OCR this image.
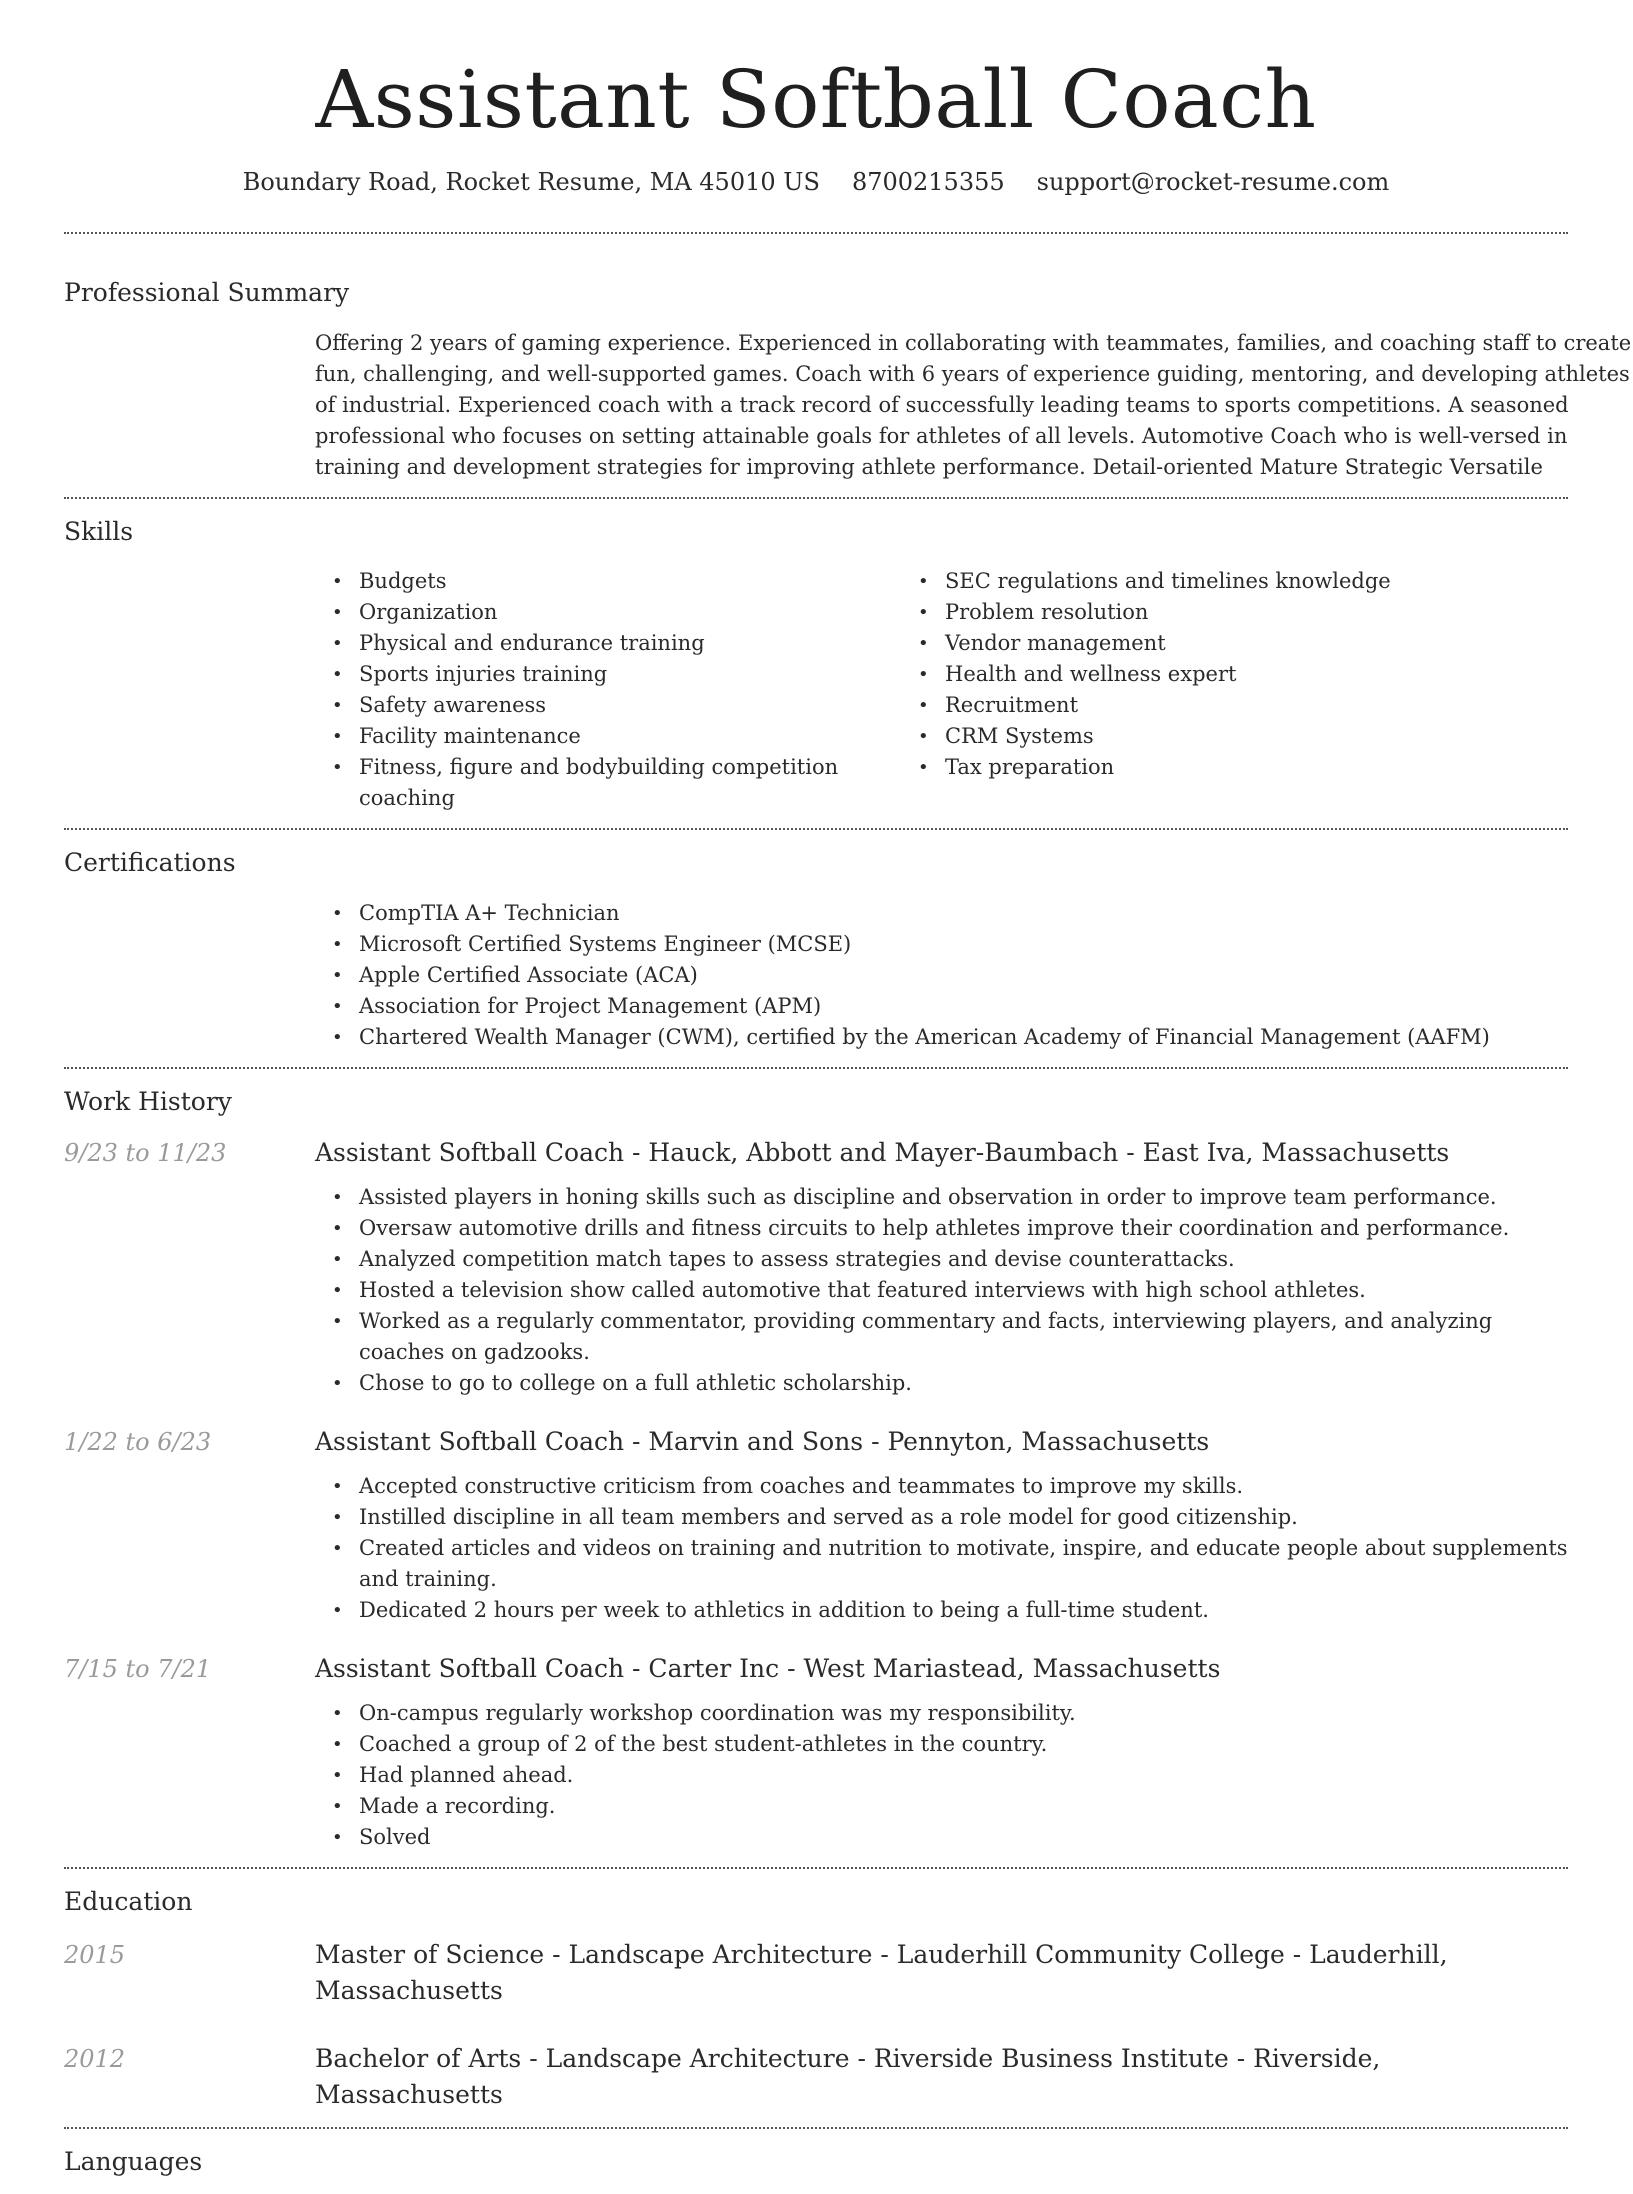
Assistant Softball Coach
Boundary Road, Rocket Resume, MA 45010 US 8700215355 support@rocket-resume.com
Professional Summary

Offering 2 years of gaming experience. Experienced in collaborating with teammates, families, and coaching staff to create fun, challenging, and well-supported games. Coach with 6 years of experience guiding, mentoring, and developing athletes of industrial. Experienced coach with a track record of successfully leading teams to sports competitions. A seasoned professional who focuses on setting attainable goals for athletes of all levels. Automotive Coach who is well-versed in training and development strategies for improving athlete performance. Detail-oriented Mature Strategic Versatile

Skills
• Budgets
• Organization
• Physical and endurance training
• Sports injuries training
• Safety awareness
• Facility maintenance
• Fitness, figure and bodybuilding competition coaching
• SEC regulations and timelines knowledge
• Problem resolution
• Vendor management
• Health and wellness expert
• Recruitment
• CRM Systems
• Tax preparation
Certifications
• CompTIA A+ Technician
• Microsoft Certified Systems Engineer (MCSE)
• Apple Certified Associate (ACA)
• Association for Project Management (APM)
• Chartered Wealth Manager (CWM), certified by the American Academy of Financial Management (AAFM)
Work History
9/23 to 11/23	Assistant Softball Coach - Hauck, Abbott and Mayer-Baumbach - East Iva, Massachusetts
• Assisted players in honing skills such as discipline and observation in order to improve team performance.
• Oversaw automotive drills and fitness circuits to help athletes improve their coordination and performance.
• Analyzed competition match tapes to assess strategies and devise counterattacks.
• Hosted a television show called automotive that featured interviews with high school athletes.
• Worked as a regularly commentator, providing commentary and facts, interviewing players, and analyzing coaches on gadzooks.
• Chose to go to college on a full athletic scholarship.
1/22 to 6/23	Assistant Softball Coach - Marvin and Sons - Pennyton, Massachusetts
• Accepted constructive criticism from coaches and teammates to improve my skills.
• Instilled discipline in all team members and served as a role model for good citizenship.
• Created articles and videos on training and nutrition to motivate, inspire, and educate people about supplements and training.
• Dedicated 2 hours per week to athletics in addition to being a full-time student.
7/15 to 7/21	Assistant Softball Coach - Carter Inc - West Mariastead, Massachusetts
• On-campus regularly workshop coordination was my responsibility.
• Coached a group of 2 of the best student-athletes in the country.
• Had planned ahead.
• Made a recording.
• Solved
Education
2015	Master of Science - Landscape Architecture - Lauderhill Community College - Lauderhill, Massachusetts
2012	Bachelor of Arts - Landscape Architecture - Riverside Business Institute - Riverside, Massachusetts
Languages
